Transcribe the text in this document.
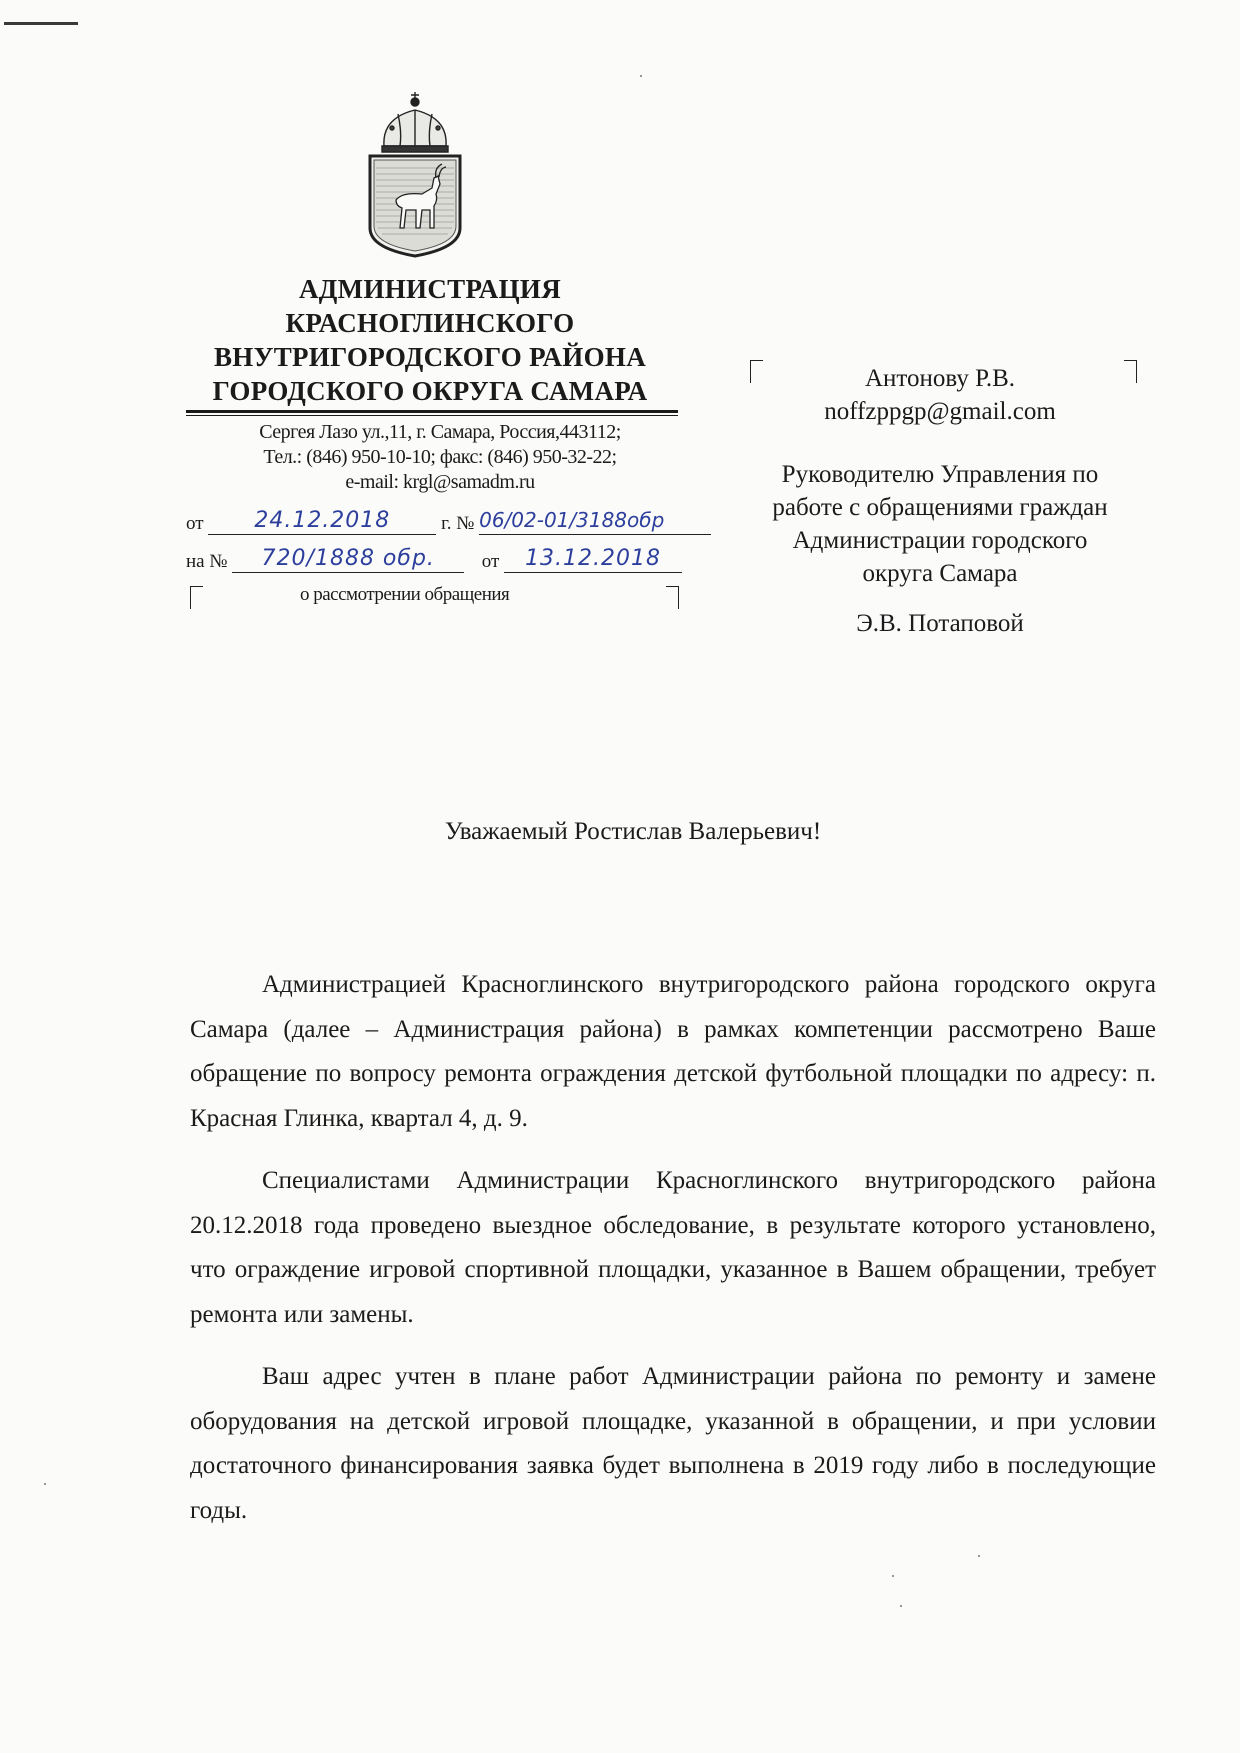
АДМИНИСТРАЦИЯ
КРАСНОГЛИНСКОГО
ВНУТРИГОРОДСКОГО РАЙОНА
ГОРОДСКОГО ОКРУГА САМАРА
Сергея Лазо ул.,11, г. Самара, Россия,443112;
Тел.: (846) 950-10-10; факс: (846) 950-32-22;
e-mail: krgl@samadm.ru
от 24.12.2018	г. № 06/02-01/3188обр
на № 720/1888 обр. от 13.12.2018
о рассмотрении обращения
Антонову Р.В.
noffzppgp@gmail.com
Руководителю Управления по
работе с обращениями граждан
Администрации городского
округа Самара
Э.В. Потаповой
Уважаемый Ростислав Валерьевич!

Администрацией Красноглинского внутригородского района городского округа Самара (далее – Администрация района) в рамках компетенции рассмотрено Ваше обращение по вопросу ремонта ограждения детской футбольной площадки по адресу: п. Красная Глинка, квартал 4, д. 9.

Специалистами Администрации Красноглинского внутригородского района 20.12.2018 года проведено выездное обследование, в результате которого установлено, что ограждение игровой спортивной площадки, указанное в Вашем обращении, требует ремонта или замены.

Ваш адрес учтен в плане работ Администрации района по ремонту и замене оборудования на детской игровой площадке, указанной в обращении, и при условии достаточного финансирования заявка будет выполнена в 2019 году либо в последующие годы.
